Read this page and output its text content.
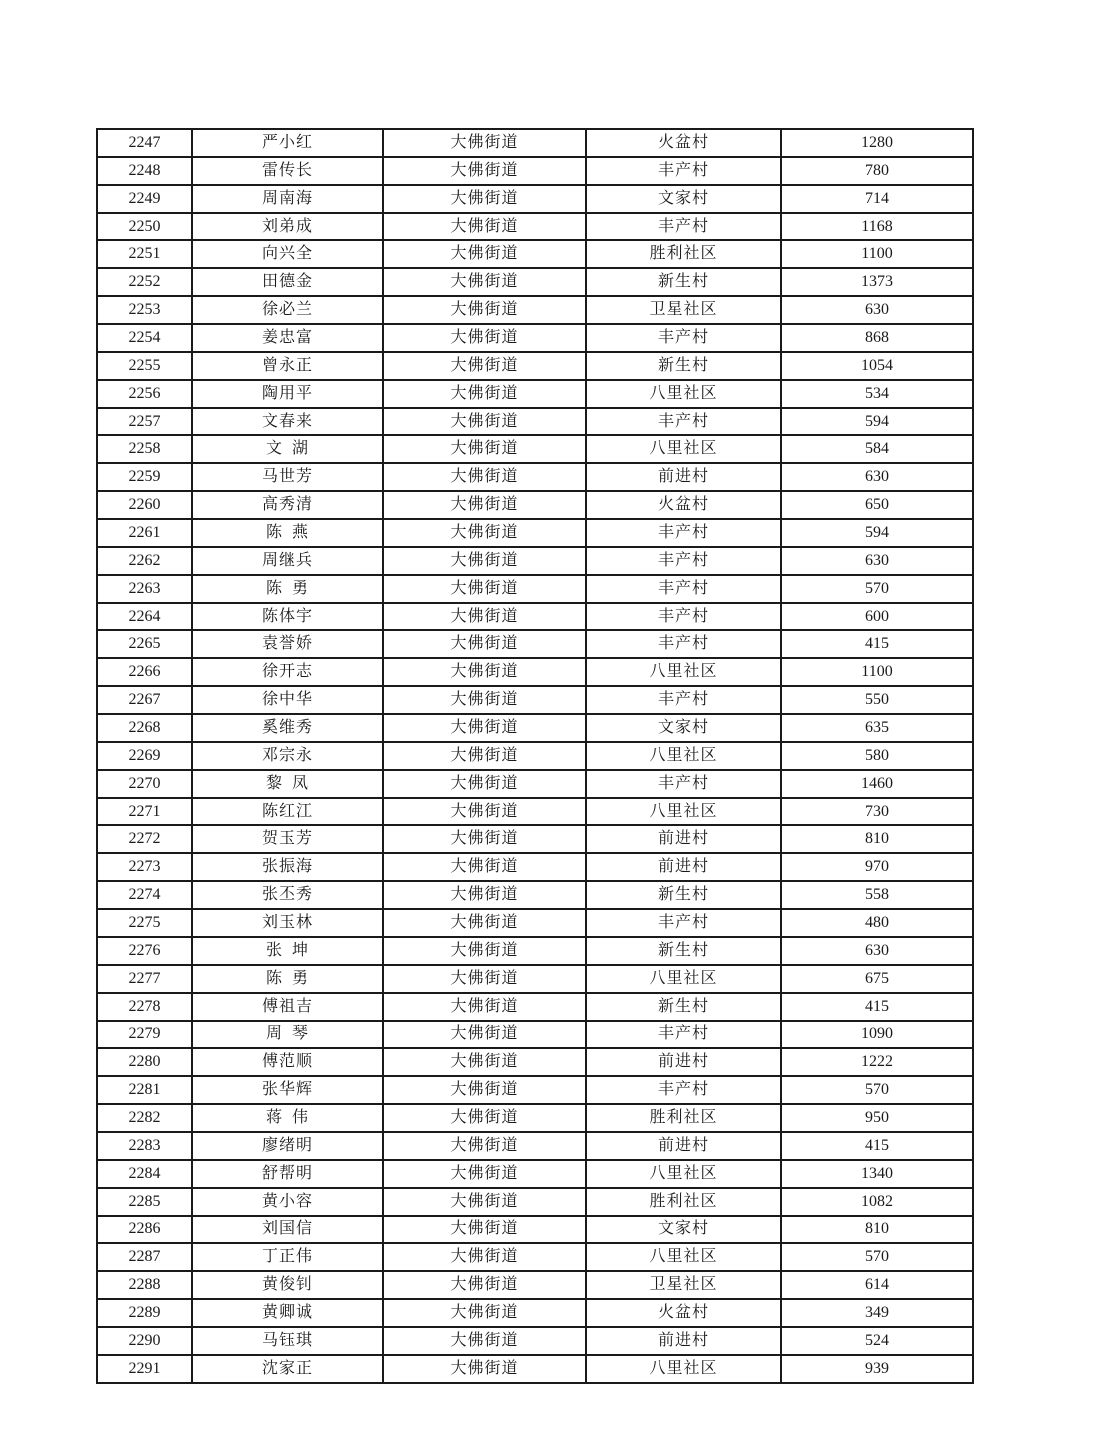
2247	严小红	大佛街道	火盆村	1280
2248	雷传长	大佛街道	丰产村	780
2249	周南海	大佛街道	文家村	714
2250	刘弟成	大佛街道	丰产村	1168
2251	向兴全	大佛街道	胜利社区	1100
2252	田德金	大佛街道	新生村	1373
2253	徐必兰	大佛街道	卫星社区	630
2254	姜忠富	大佛街道	丰产村	868
2255	曾永正	大佛街道	新生村	1054
2256	陶用平	大佛街道	八里社区	534
2257	文春来	大佛街道	丰产村	594
2258	文 湖	大佛街道	八里社区	584
2259	马世芳	大佛街道	前进村	630
2260	高秀清	大佛街道	火盆村	650
2261	陈 燕	大佛街道	丰产村	594
2262	周继兵	大佛街道	丰产村	630
2263	陈 勇	大佛街道	丰产村	570
2264	陈体宇	大佛街道	丰产村	600
2265	袁誉娇	大佛街道	丰产村	415
2266	徐开志	大佛街道	八里社区	1100
2267	徐中华	大佛街道	丰产村	550
2268	奚维秀	大佛街道	文家村	635
2269	邓宗永	大佛街道	八里社区	580
2270	黎 凤	大佛街道	丰产村	1460
2271	陈红江	大佛街道	八里社区	730
2272	贺玉芳	大佛街道	前进村	810
2273	张振海	大佛街道	前进村	970
2274	张丕秀	大佛街道	新生村	558
2275	刘玉林	大佛街道	丰产村	480
2276	张 坤	大佛街道	新生村	630
2277	陈 勇	大佛街道	八里社区	675
2278	傅祖吉	大佛街道	新生村	415
2279	周 琴	大佛街道	丰产村	1090
2280	傅范顺	大佛街道	前进村	1222
2281	张华辉	大佛街道	丰产村	570
2282	蒋 伟	大佛街道	胜利社区	950
2283	廖绪明	大佛街道	前进村	415
2284	舒帮明	大佛街道	八里社区	1340
2285	黄小容	大佛街道	胜利社区	1082
2286	刘国信	大佛街道	文家村	810
2287	丁正伟	大佛街道	八里社区	570
2288	黄俊钊	大佛街道	卫星社区	614
2289	黄卿诚	大佛街道	火盆村	349
2290	马钰琪	大佛街道	前进村	524
2291	沈家正	大佛街道	八里社区	939
